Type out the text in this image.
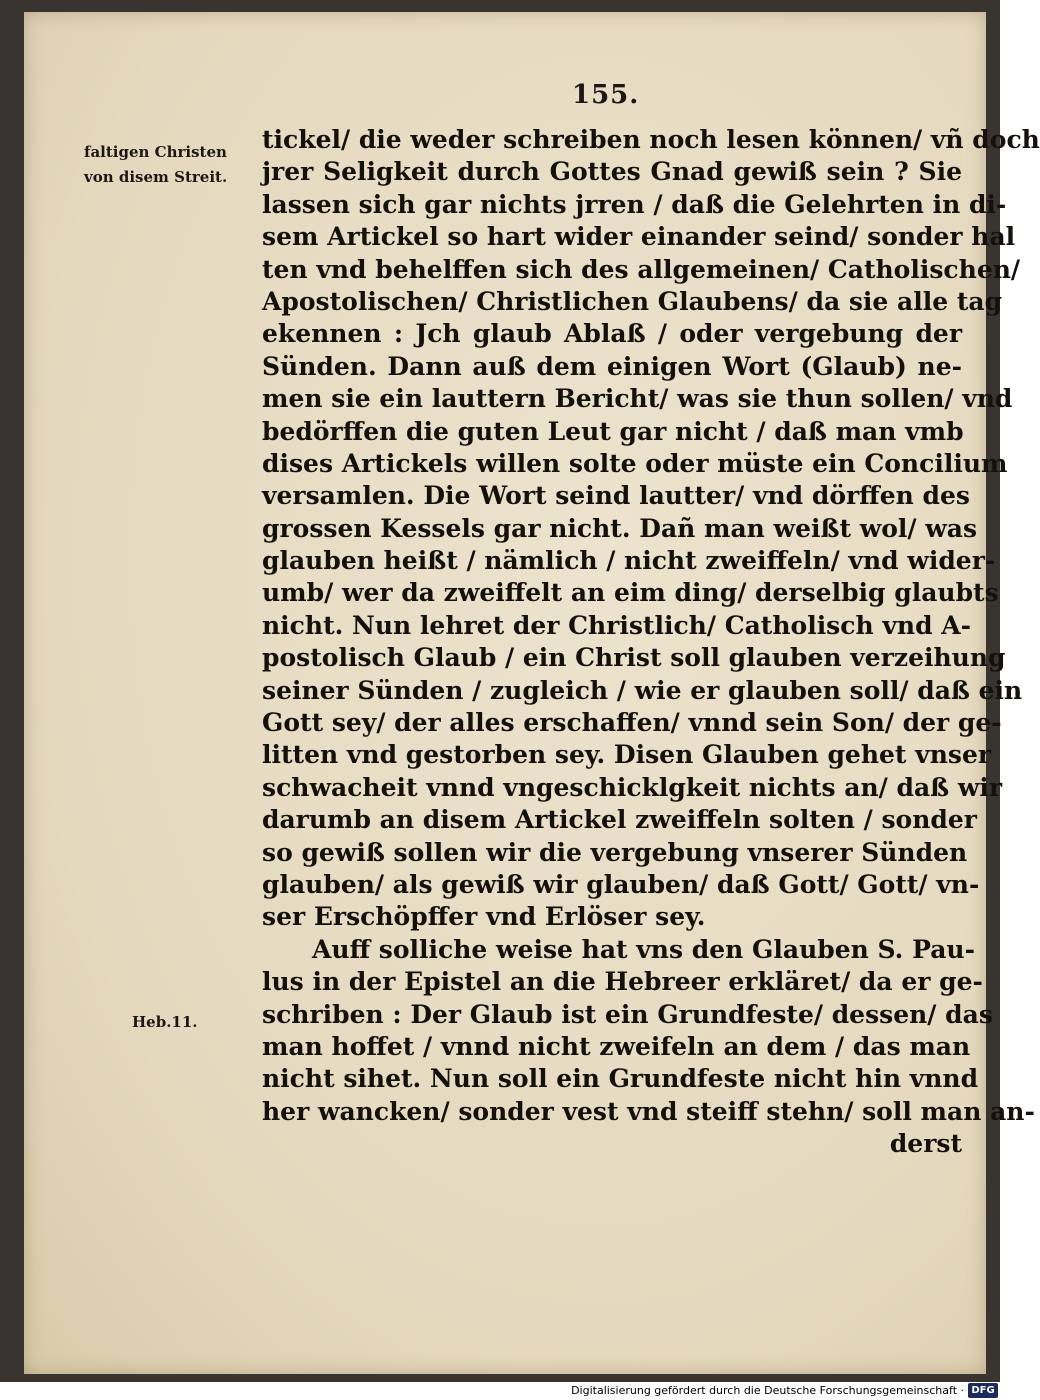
155.
faltigen Christen
von disem Streit.
Heb.11.
tickel/ die weder schreiben noch lesen können/ vñ doch
jrer Seligkeit durch Gottes Gnad gewiß sein ? Sie
lassen sich gar nichts jrren / daß die Gelehrten in di-
sem Artickel so hart wider einander seind/ sonder hal
ten vnd behelffen sich des allgemeinen/ Catholischen/
Apostolischen/ Christlichen Glaubens/ da sie alle tag
ekennen : Jch glaub Ablaß / oder vergebung der
Sünden. Dann auß dem einigen Wort (Glaub) ne-
men sie ein lauttern Bericht/ was sie thun sollen/ vnd
bedörffen die guten Leut gar nicht / daß man vmb
dises Artickels willen solte oder müste ein Concilium
versamlen. Die Wort seind lautter/ vnd dörffen des
grossen Kessels gar nicht. Dañ man weißt wol/ was
glauben heißt / nämlich / nicht zweiffeln/ vnd wider-
umb/ wer da zweiffelt an eim ding/ derselbig glaubts
nicht. Nun lehret der Christlich/ Catholisch vnd A-
postolisch Glaub / ein Christ soll glauben verzeihung
seiner Sünden / zugleich / wie er glauben soll/ daß ein
Gott sey/ der alles erschaffen/ vnnd sein Son/ der ge-
litten vnd gestorben sey. Disen Glauben gehet vnser
schwacheit vnnd vngeschicklgkeit nichts an/ daß wir
darumb an disem Artickel zweiffeln solten / sonder
so gewiß sollen wir die vergebung vnserer Sünden
glauben/ als gewiß wir glauben/ daß Gott/ Gott/ vn-
ser Erschöpffer vnd Erlöser sey.
Auff solliche weise hat vns den Glauben S. Pau-
lus in der Epistel an die Hebreer erkläret/ da er ge-
schriben : Der Glaub ist ein Grundfeste/ dessen/ das
man hoffet / vnnd nicht zweifeln an dem / das man
nicht sihet. Nun soll ein Grundfeste nicht hin vnnd
her wancken/ sonder vest vnd steiff stehn/ soll man an-
derst
Digitalisierung gefördert durch die Deutsche Forschungsgemeinschaft · DFG
